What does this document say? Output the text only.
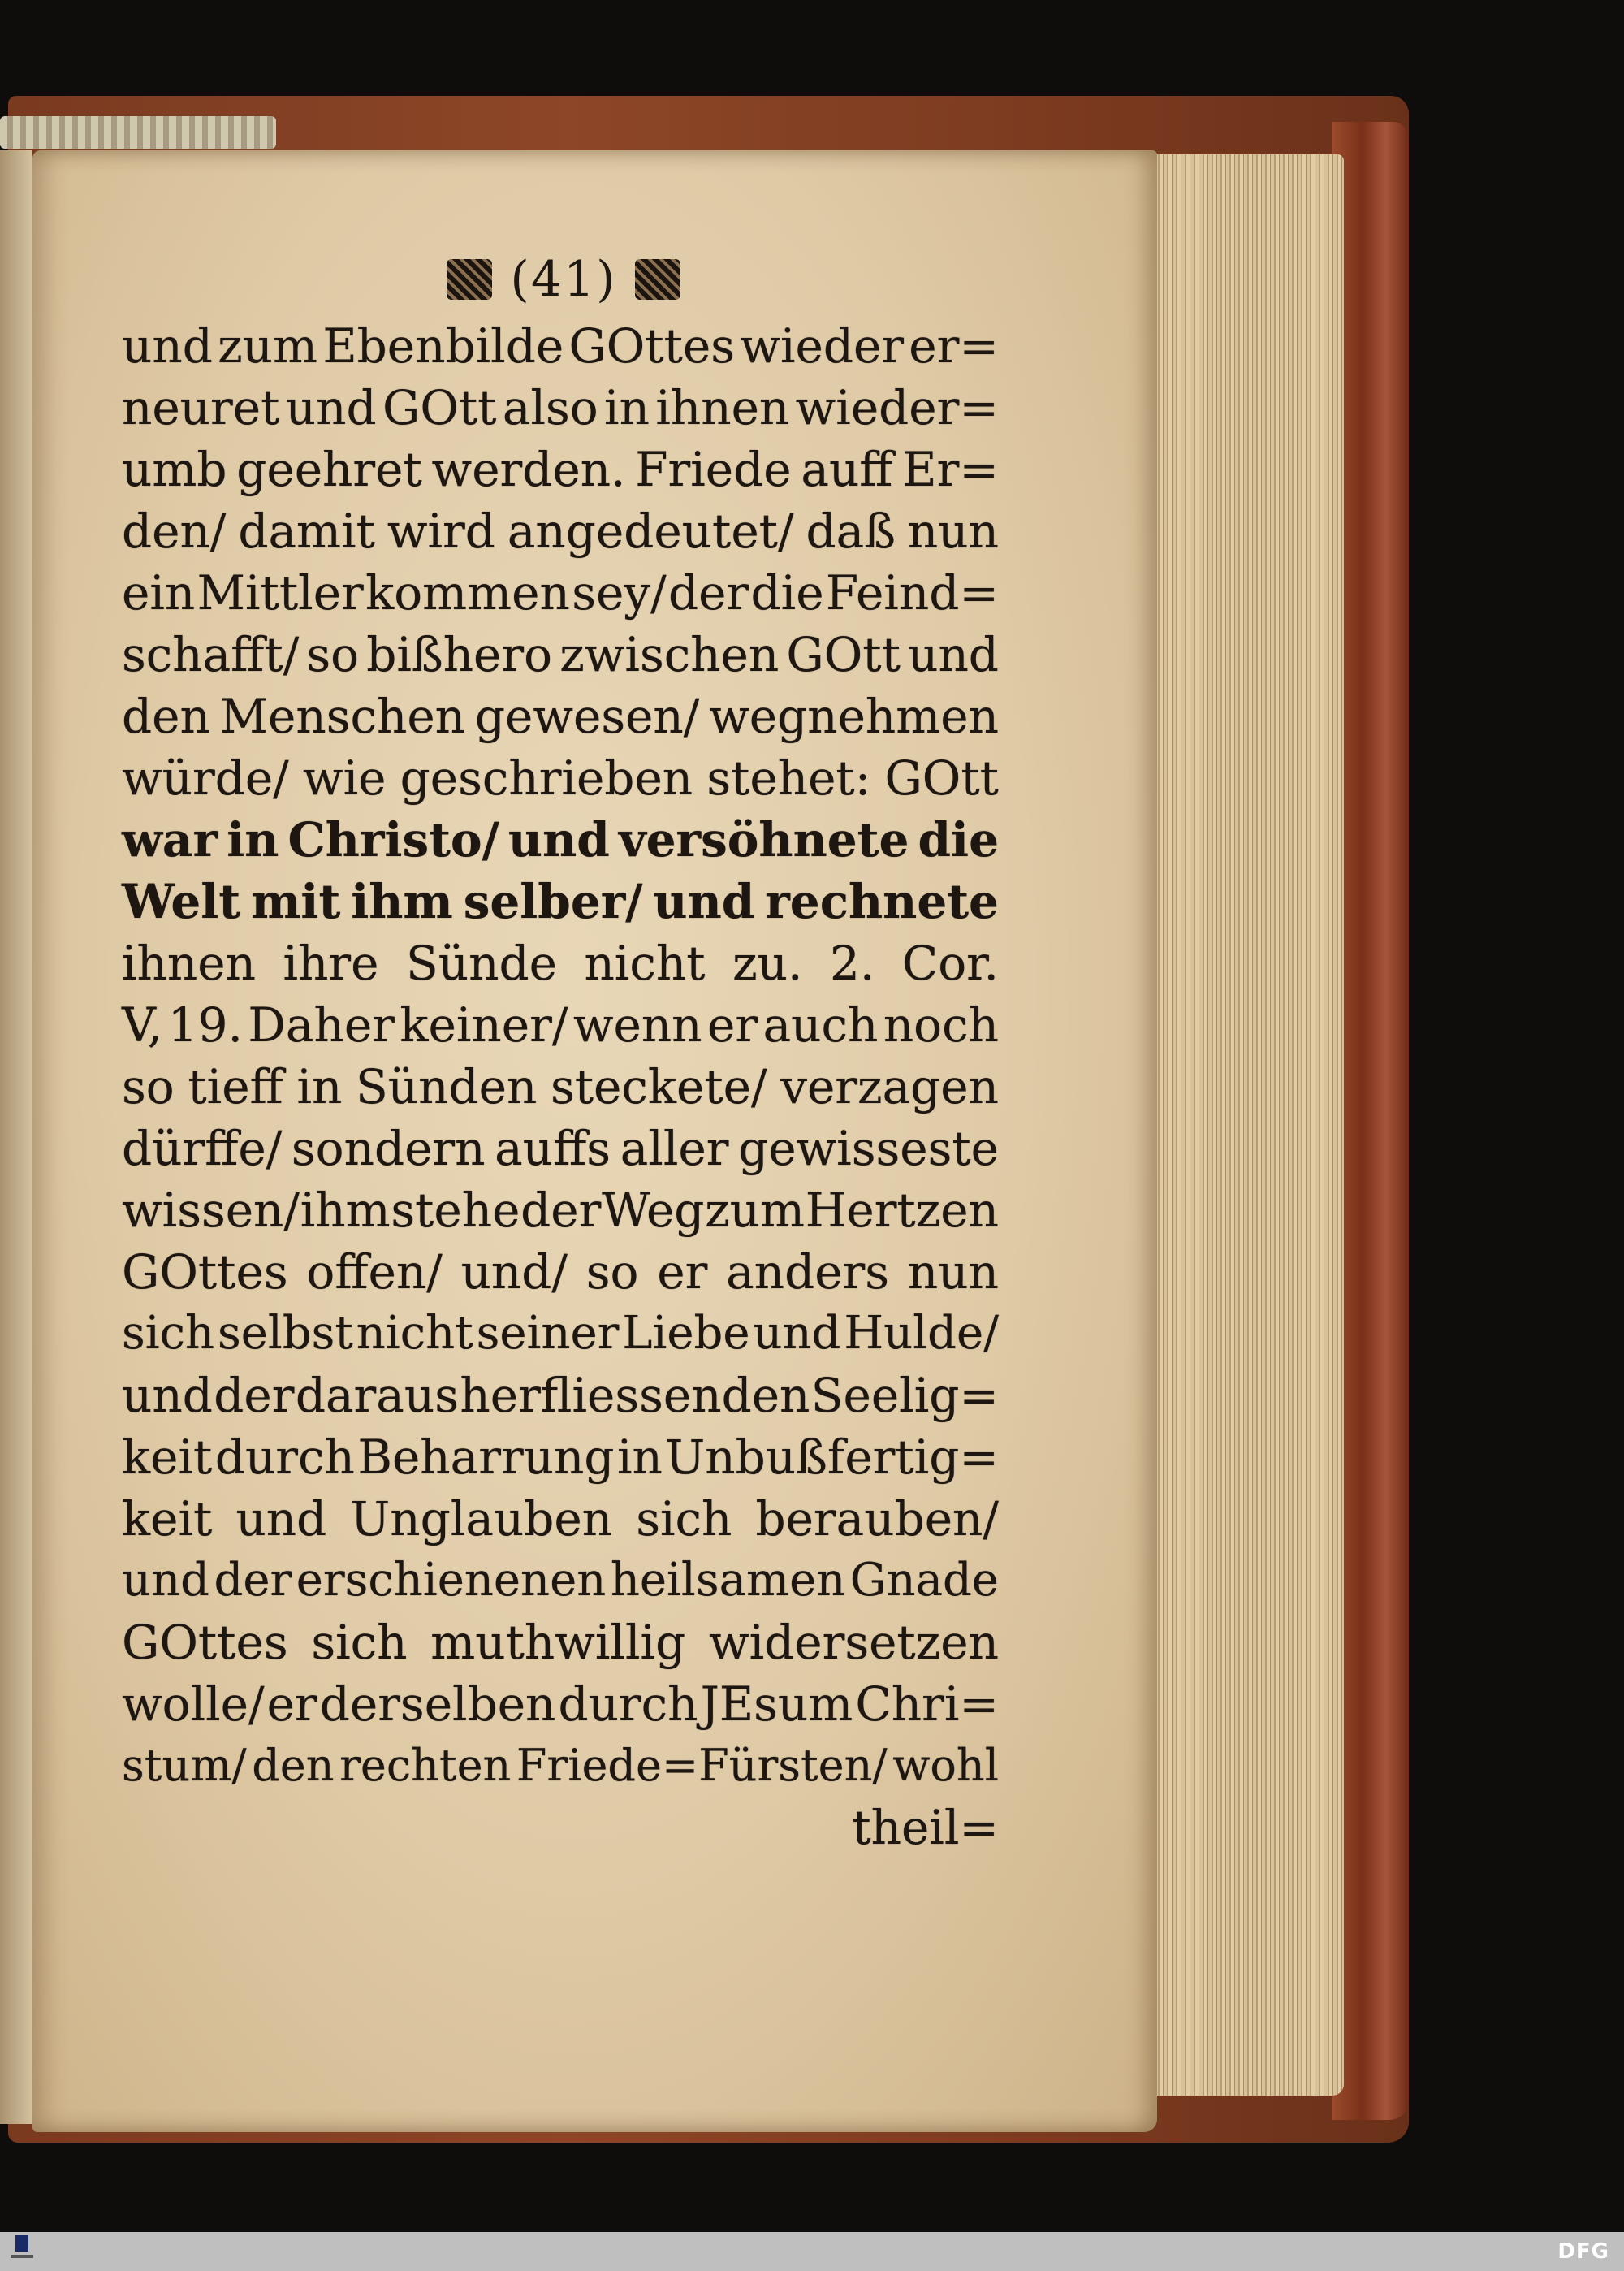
(41)
und zum Ebenbilde GOttes wieder er=
neuret und GOtt also in ihnen wieder=
umb geehret werden. Friede auff Er=
den/ damit wird angedeutet/ daß nun
ein Mittler kommen sey/ der die Feind=
schafft/ so bißhero zwischen GOtt und
den Menschen gewesen/ wegnehmen
würde/ wie geschrieben stehet: GOtt
war in Christo/ und versöhnete die
Welt mit ihm selber/ und rechnete
ihnen ihre Sünde nicht zu. 2. Cor.
V, 19. Daher keiner/ wenn er auch noch
so tieff in Sünden steckete/ verzagen
dürffe/ sondern auffs aller gewisseste
wissen/ ihm stehe der Weg zum Hertzen
GOttes offen/ und/ so er anders nun
sich selbst nicht seiner Liebe und Hulde/
und der daraus herfliessenden Seelig=
keit durch Beharrung in Unbußfertig=
keit und Unglauben sich berauben/
und der erschienenen heilsamen Gnade
GOttes sich muthwillig widersetzen
wolle/ er derselben durch JEsum Chri=
stum/ den rechten Friede=Fürsten/ wohl
theil=
DFG
